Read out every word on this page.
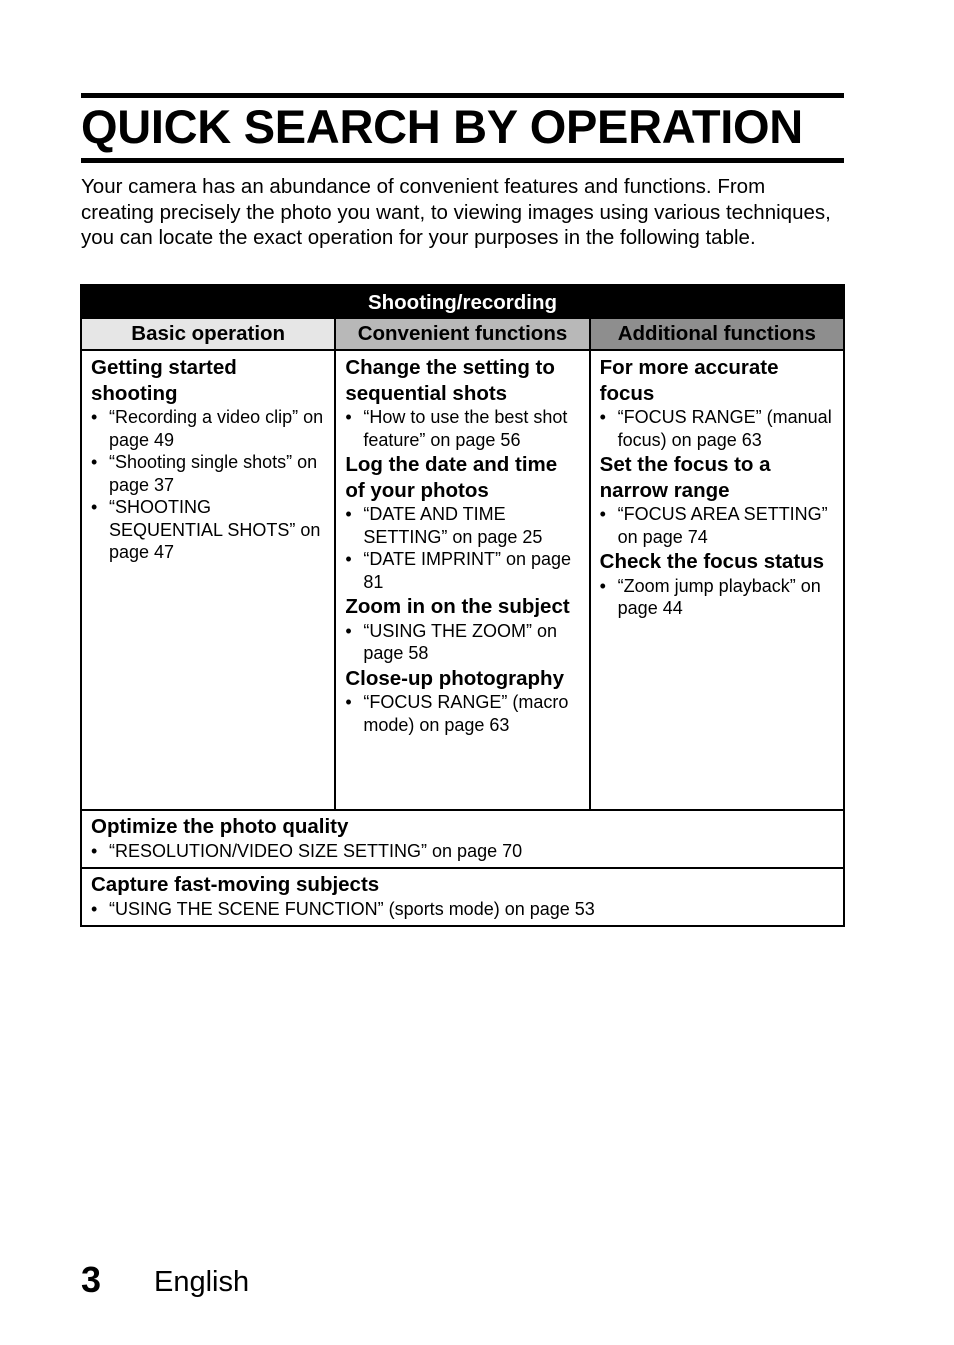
QUICK SEARCH BY OPERATION

Your camera has an abundance of convenient features and functions. From creating precisely the photo you want, to viewing images using various techniques, you can locate the exact operation for your purposes in the following table.

Shooting/recording
Basic operation	Convenient functions	Additional functions
Getting started shooting
• “Recording a video clip” on page 49
• “Shooting single shots” on page 37
• “SHOOTING SEQUENTIAL SHOTS” on page 47
Change the setting to sequential shots
• “How to use the best shot feature” on page 56
Log the date and time of your photos
• “DATE AND TIME SETTING” on page 25
• “DATE IMPRINT” on page 81
Zoom in on the subject
• “USING THE ZOOM” on page 58
Close-up photography
• “FOCUS RANGE” (macro mode) on page 63
For more accurate focus
• “FOCUS RANGE” (manual focus) on page 63
Set the focus to a narrow range
• “FOCUS AREA SETTING” on page 74
Check the focus status
• “Zoom jump playback” on page 44
Optimize the photo quality
• “RESOLUTION/VIDEO SIZE SETTING” on page 70
Capture fast-moving subjects
• “USING THE SCENE FUNCTION” (sports mode) on page 53
3 English
